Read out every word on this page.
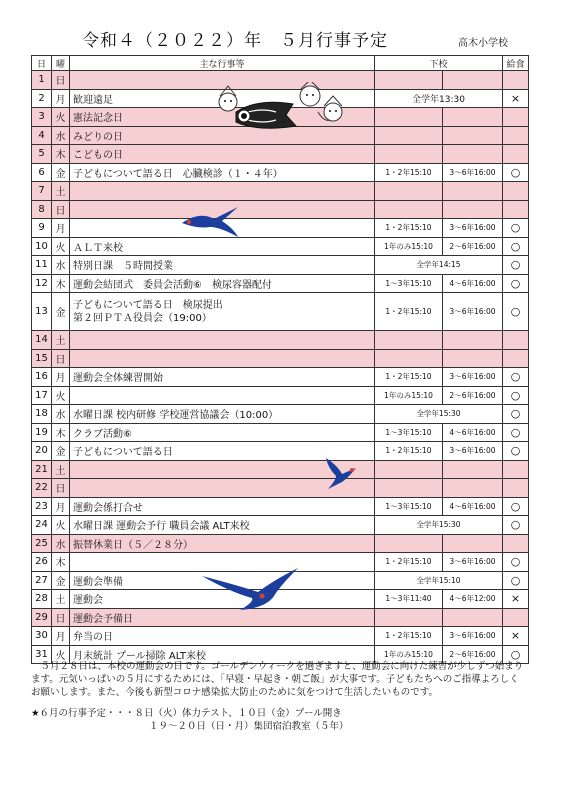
令和４（２０２２）年　５月行事予定	高木小学校
日	曜	主な行事等	下校		給食
1	日				
2	月	歓迎遠足	全学年13:30		×
3	火	憲法記念日			
4	水	みどりの日			
5	木	こどもの日			
6	金	子どもについて語る日　心臓検診（１・４年）	1・2年15:10	3～6年16:00	○
7	土				
8	日				
9	月		1・2年15:10	3～6年16:00	○
10	火	ＡＬＴ来校	1年のみ15:10	2～6年16:00	○
11	水	特別日課　５時間授業	全学年14:15		○
12	木	運動会結団式　委員会活動⑥　検尿容器配付	1～3年15:10	4～6年16:00	○
13	金	子どもについて語る日　検尿提出
第２回ＰＴＡ役員会（19:00）	1・2年15:10	3～6年16:00	○
14	土				
15	日				
16	月	運動会全体練習開始	1・2年15:10	3～6年16:00	○
17	火		1年のみ15:10	2～6年16:00	○
18	水	水曜日課 校内研修 学校運営協議会（10:00）	全学年15:30		○
19	木	クラブ活動⑥	1～3年15:10	4～6年16:00	○
20	金	子どもについて語る日	1・2年15:10	3～6年16:00	○
21	土				
22	日				
23	月	運動会係打合せ	1～3年15:10	4～6年16:00	○
24	火	水曜日課 運動会予行 職員会議 ALT来校	全学年15:30		○
25	水	振替休業日（５／２８分）			
26	木		1・2年15:10	3～6年16:00	○
27	金	運動会準備	全学年15:10		○
28	土	運動会	1～3年11:40	4～6年12:00	×
29	日	運動会予備日			
30	月	弁当の日	1・2年15:10	3～6年16:00	×
31	火	月末統計 プール掃除 ALT来校	1年のみ15:10	2～6年16:00	○

５月２８日は、本校の運動会の日です。ゴールデンウィークを過ぎますと、運動会に向けた練習が少しずつ始まります。元気いっぱいの５月にするためには、「早寝・早起き・朝ご飯」が大事です。子どもたちへのご指導よろしくお願いします。また、今後も新型コロナ感染拡大防止のために気をつけて生活したいものです。

★６月の行事予定・・・８日（火）体力テスト、１０日（金）プール開き
１９～２０日（日・月）集団宿泊教室（５年）
